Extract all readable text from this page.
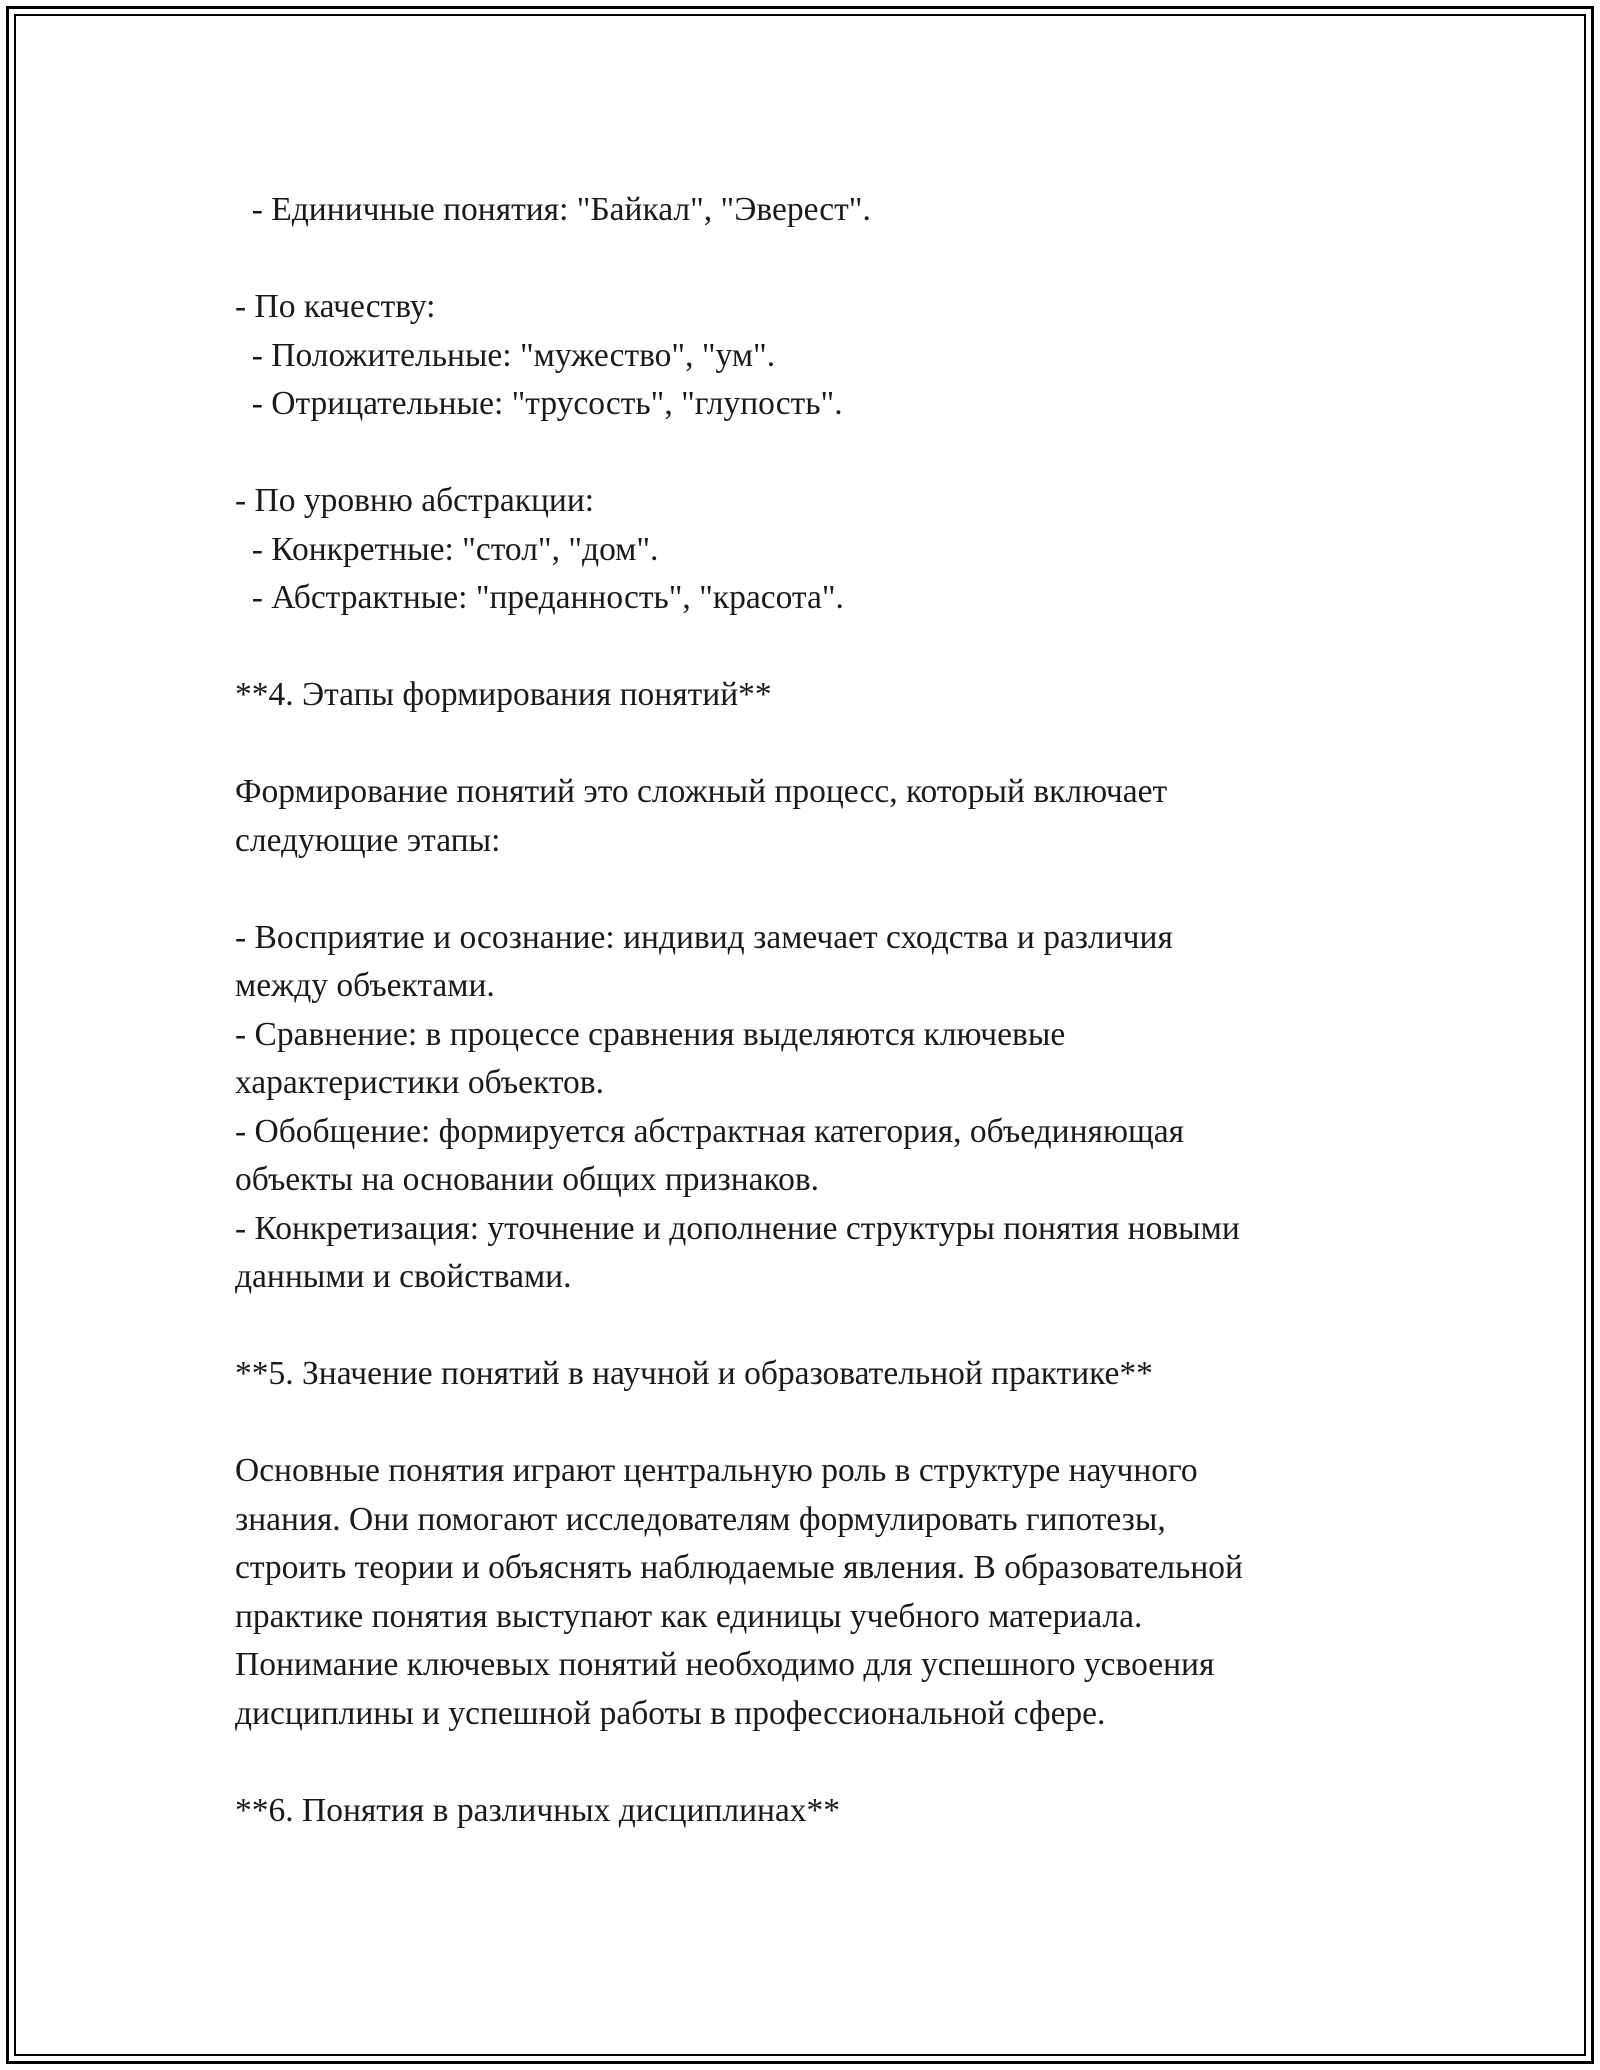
- Единичные понятия: "Байкал", "Эверест".
- По качеству:
- Положительные: "мужество", "ум".
- Отрицательные: "трусость", "глупость".
- По уровню абстракции:
- Конкретные: "стол", "дом".
- Абстрактные: "преданность", "красота".
**4. Этапы формирования понятий**
Формирование понятий это сложный процесс, который включает
следующие этапы:
- Восприятие и осознание: индивид замечает сходства и различия
между объектами.
- Сравнение: в процессе сравнения выделяются ключевые
характеристики объектов.
- Обобщение: формируется абстрактная категория, объединяющая
объекты на основании общих признаков.
- Конкретизация: уточнение и дополнение структуры понятия новыми
данными и свойствами.
**5. Значение понятий в научной и образовательной практике**
Основные понятия играют центральную роль в структуре научного
знания. Они помогают исследователям формулировать гипотезы,
строить теории и объяснять наблюдаемые явления. В образовательной
практике понятия выступают как единицы учебного материала.
Понимание ключевых понятий необходимо для успешного усвоения
дисциплины и успешной работы в профессиональной сфере.
**6. Понятия в различных дисциплинах**
